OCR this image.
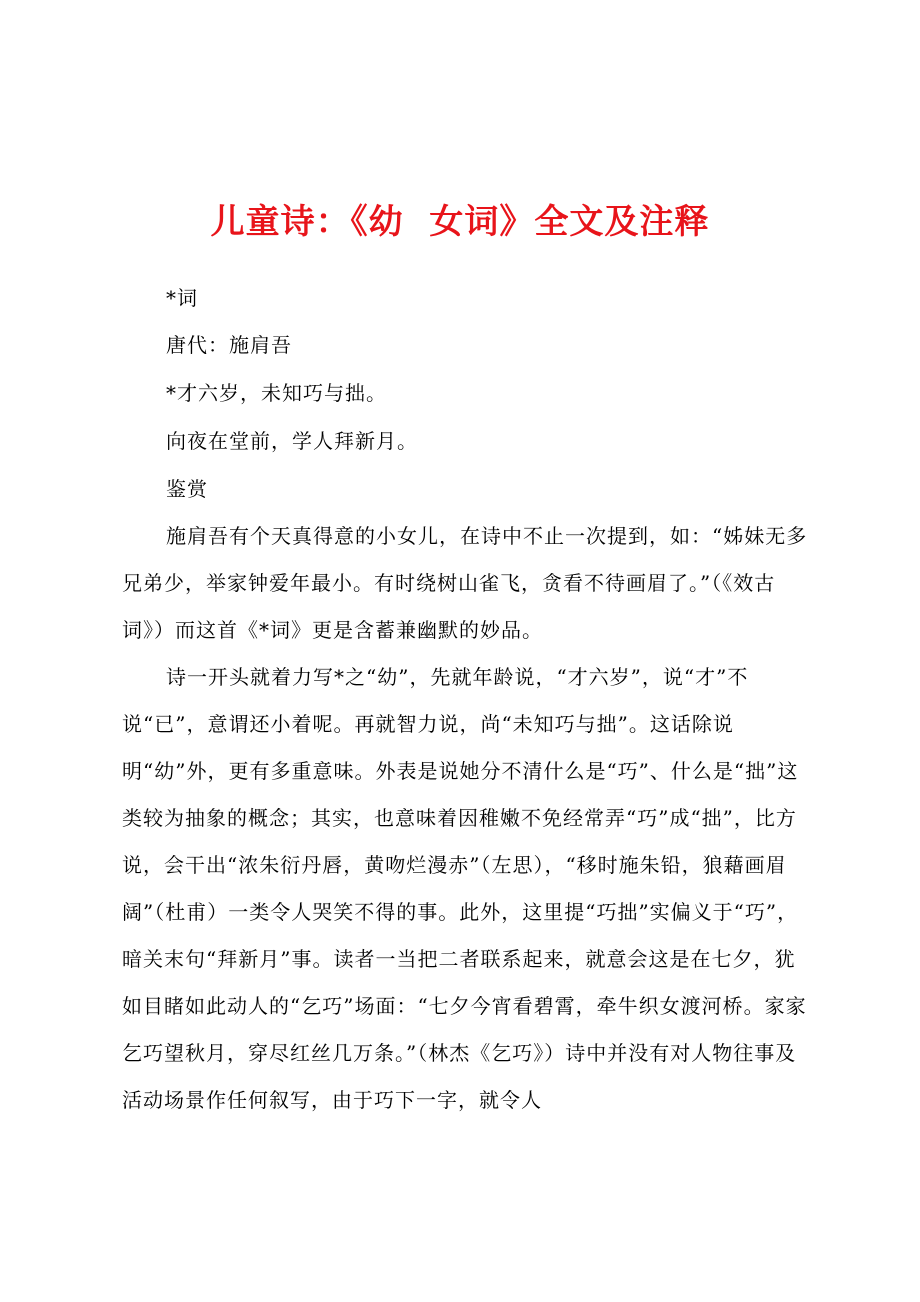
儿童诗：《幼  女词》全文及注释
*词
唐代：施肩吾
*才六岁，未知巧与拙。
向夜在堂前，学人拜新月。
鉴赏

施肩吾有个天真得意的小女儿，在诗中不止一次提到，如：“姊妹无多兄弟少，举家钟爱年最小。有时绕树山雀飞，贪看不待画眉了。”（《效古词》）而这首《*词》更是含蓄兼幽默的妙品。

诗一开头就着力写*之“幼”，先就年龄说，“才六岁”，说“才”不说“已”，意谓还小着呢。再就智力说，尚“未知巧与拙”。这话除说明“幼”外，更有多重意味。外表是说她分不清什么是“巧”、什么是“拙”这类较为抽象的概念；其实，也意味着因稚嫩不免经常弄“巧”成“拙”，比方说，会干出“浓朱衍丹唇，黄吻烂漫赤”（左思），“移时施朱铅，狼藉画眉阔”（杜甫）一类令人哭笑不得的事。此外，这里提“巧拙”实偏义于“巧”，暗关末句“拜新月”事。读者一当把二者联系起来，就意会这是在七夕，犹如目睹如此动人的“乞巧”场面：“七夕今宵看碧霄，牵牛织女渡河桥。家家乞巧望秋月，穿尽红丝几万条。”（林杰《乞巧》）诗中并没有对人物往事及活动场景作任何叙写，由于巧下一字，就令人
